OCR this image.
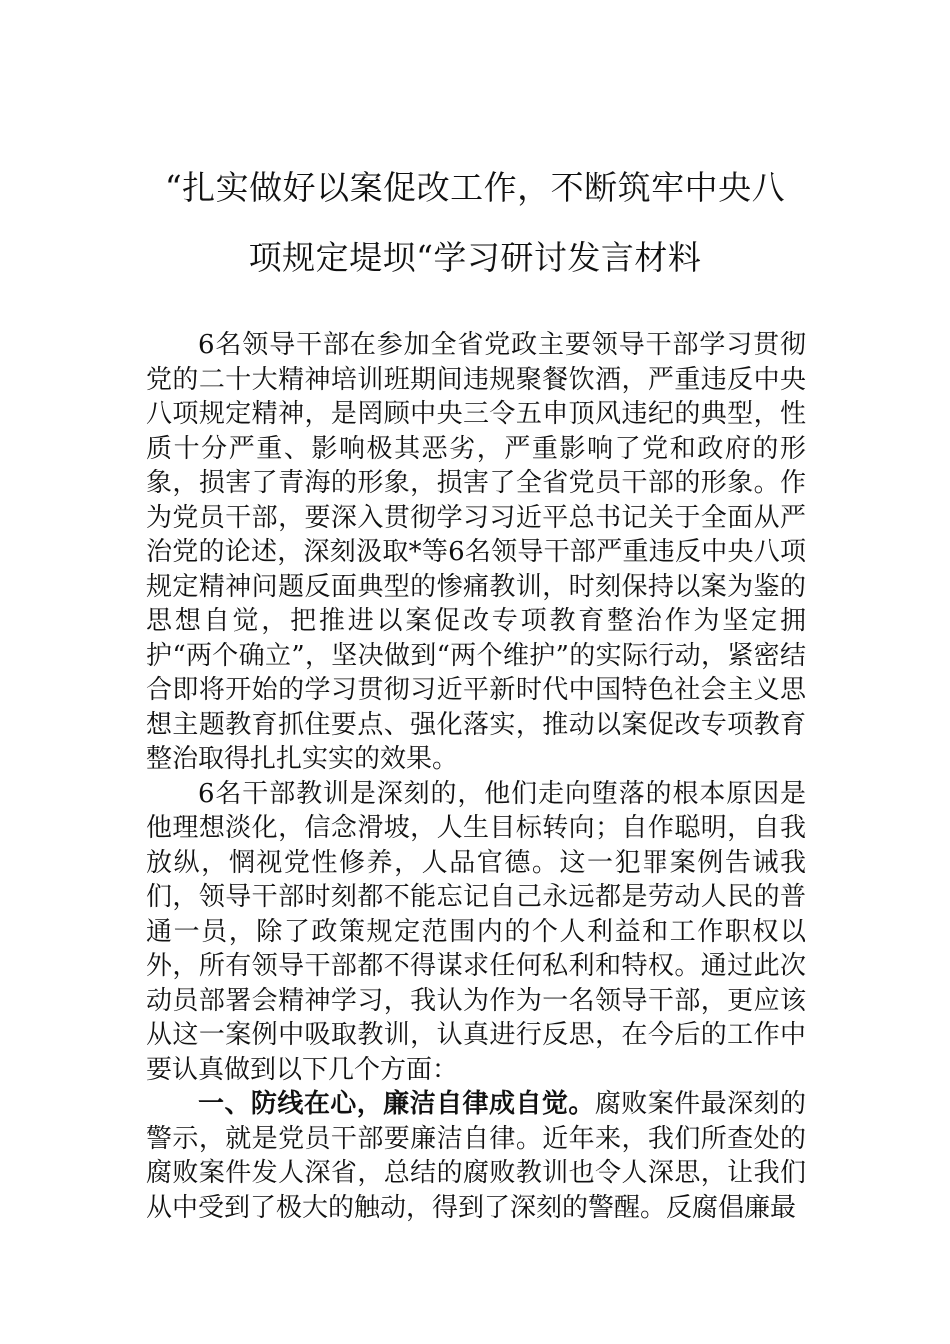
“扎实做好以案促改工作，不断筑牢中央八
项规定堤坝“学习研讨发言材料

6名领导干部在参加全省党政主要领导干部学习贯彻党的二十大精神培训班期间违规聚餐饮酒，严重违反中央八项规定精神，是罔顾中央三令五申顶风违纪的典型，性质十分严重、影响极其恶劣，严重影响了党和政府的形象，损害了青海的形象，损害了全省党员干部的形象。作为党员干部，要深入贯彻学习习近平总书记关于全面从严治党的论述，深刻汲取*等6名领导干部严重违反中央八项规定精神问题反面典型的惨痛教训，时刻保持以案为鉴的思想自觉，把推进以案促改专项教育整治作为坚定拥护“两个确立”，坚决做到“两个维护”的实际行动，紧密结合即将开始的学习贯彻习近平新时代中国特色社会主义思想主题教育抓住要点、强化落实，推动以案促改专项教育整治取得扎扎实实的效果。

6名干部教训是深刻的，他们走向堕落的根本原因是他理想淡化，信念滑坡，人生目标转向；自作聪明，自我放纵，惘视党性修养，人品官德。这一犯罪案例告诫我们，领导干部时刻都不能忘记自己永远都是劳动人民的普通一员，除了政策规定范围内的个人利益和工作职权以外，所有领导干部都不得谋求任何私利和特权。通过此次动员部署会精神学习，我认为作为一名领导干部，更应该从这一案例中吸取教训，认真进行反思，在今后的工作中要认真做到以下几个方面：

一、防线在心，廉洁自律成自觉。腐败案件最深刻的警示，就是党员干部要廉洁自律。近年来，我们所查处的腐败案件发人深省，总结的腐败教训也令人深思，让我们从中受到了极大的触动，得到了深刻的警醒。反腐倡廉最
